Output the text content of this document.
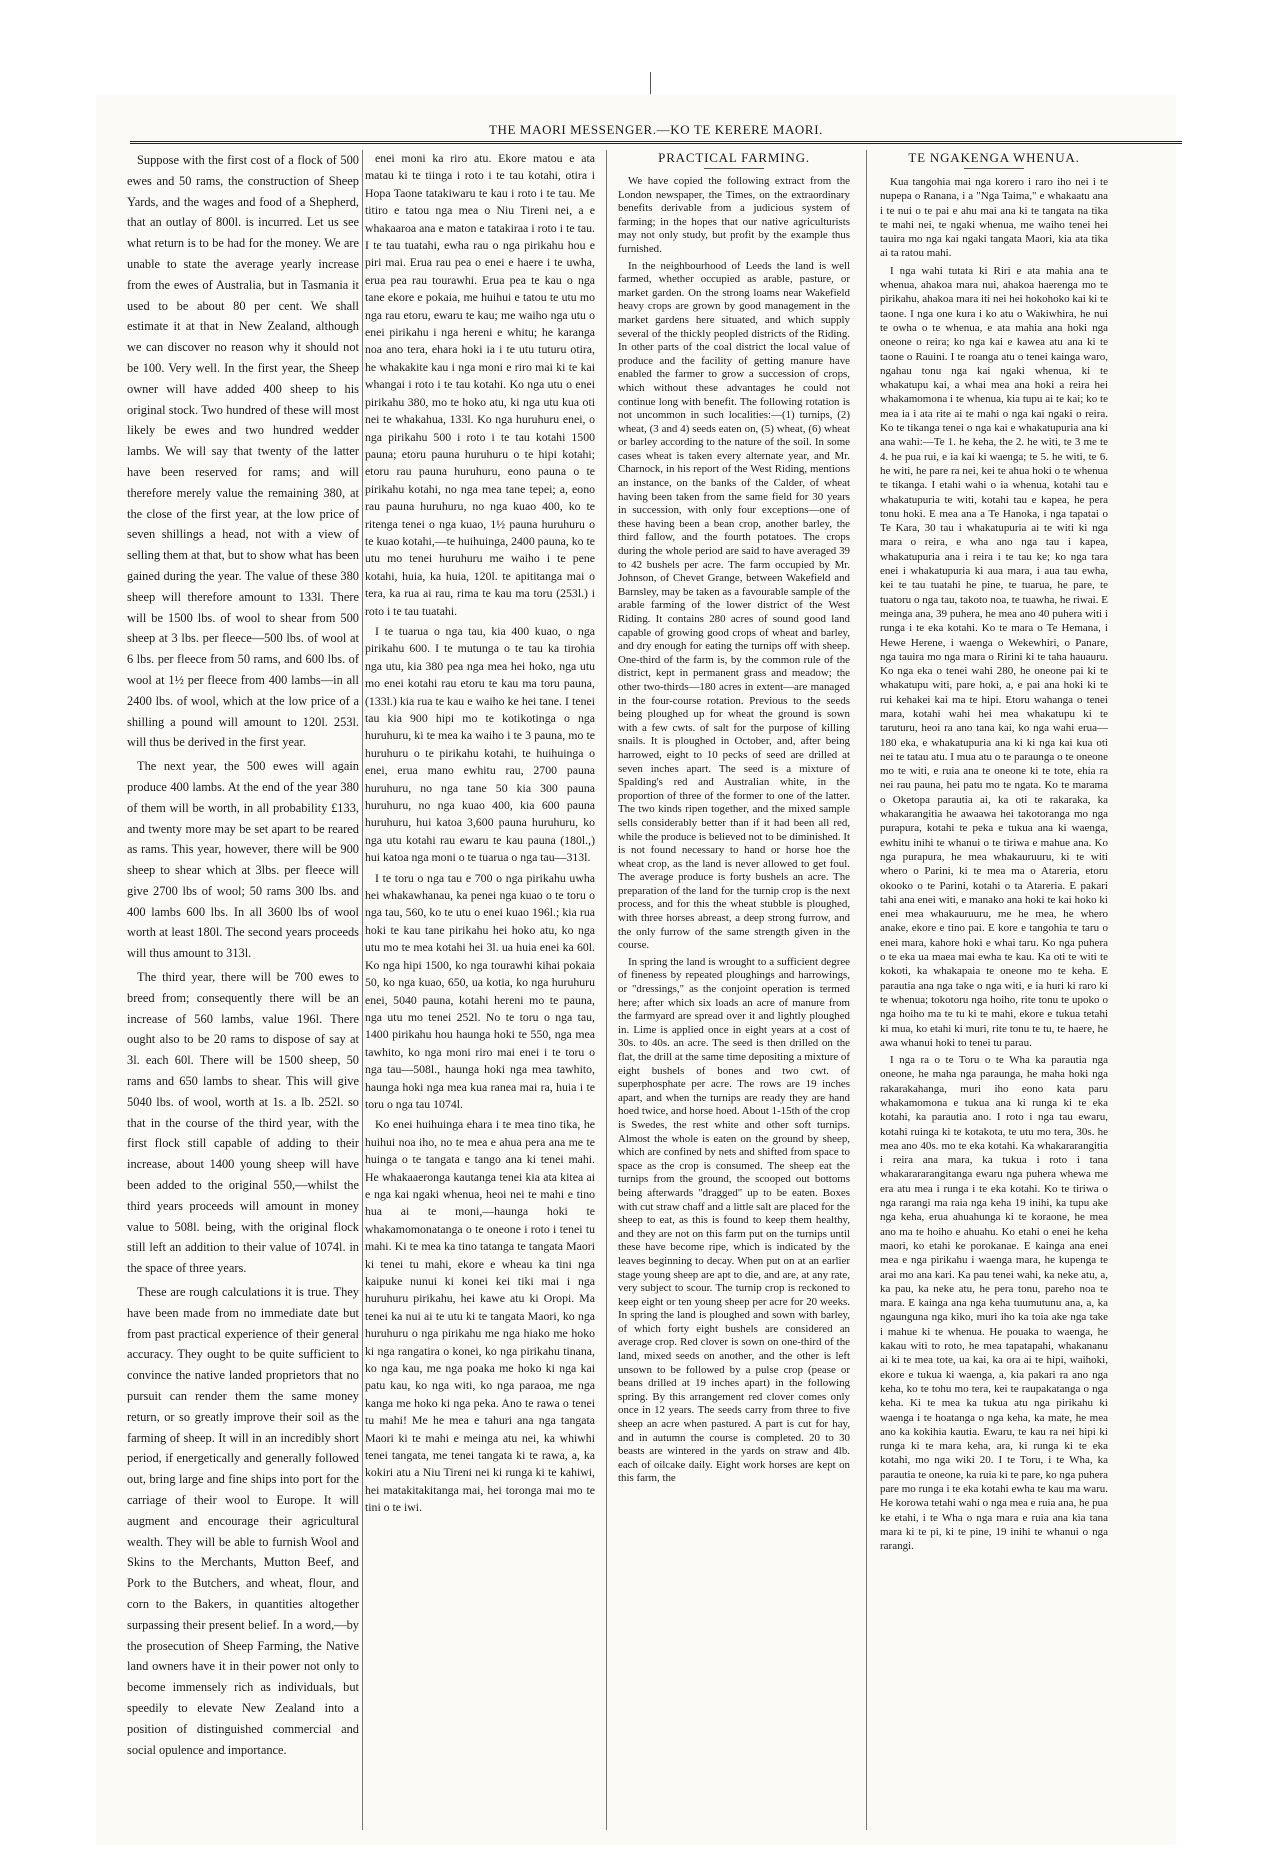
THE MAORI MESSENGER.—KO TE KERERE MAORI.

Suppose with the first cost of a flock of 500 ewes and 50 rams, the construction of Sheep Yards, and the wages and food of a Shepherd, that an outlay of 800l. is incurred. Let us see what return is to be had for the money. We are unable to state the average yearly increase from the ewes of Australia, but in Tasmania it used to be about 80 per cent. We shall estimate it at that in New Zealand, although we can discover no reason why it should not be 100. Very well. In the first year, the Sheep owner will have added 400 sheep to his original stock. Two hundred of these will most likely be ewes and two hundred wedder lambs. We will say that twenty of the latter have been reserved for rams; and will therefore merely value the remaining 380, at the close of the first year, at the low price of seven shillings a head, not with a view of selling them at that, but to show what has been gained during the year. The value of these 380 sheep will therefore amount to 133l. There will be 1500 lbs. of wool to shear from 500 sheep at 3 lbs. per fleece—500 lbs. of wool at 6 lbs. per fleece from 50 rams, and 600 lbs. of wool at 1½ per fleece from 400 lambs—in all 2400 lbs. of wool, which at the low price of a shilling a pound will amount to 120l. 253l. will thus be derived in the first year.

The next year, the 500 ewes will again produce 400 lambs. At the end of the year 380 of them will be worth, in all probability £133, and twenty more may be set apart to be reared as rams. This year, however, there will be 900 sheep to shear which at 3lbs. per fleece will give 2700 lbs of wool; 50 rams 300 lbs. and 400 lambs 600 lbs. In all 3600 lbs of wool worth at least 180l. The second years proceeds will thus amount to 313l.

The third year, there will be 700 ewes to breed from; consequently there will be an increase of 560 lambs, value 196l. There ought also to be 20 rams to dispose of say at 3l. each 60l. There will be 1500 sheep, 50 rams and 650 lambs to shear. This will give 5040 lbs. of wool, worth at 1s. a lb. 252l. so that in the course of the third year, with the first flock still capable of adding to their increase, about 1400 young sheep will have been added to the original 550,—whilst the third years proceeds will amount in money value to 508l. being, with the original flock still left an addition to their value of 1074l. in the space of three years.

These are rough calculations it is true. They have been made from no immediate date but from past practical experience of their general accuracy. They ought to be quite sufficient to convince the native landed proprietors that no pursuit can render them the same money return, or so greatly improve their soil as the farming of sheep. It will in an incredibly short period, if energetically and generally followed out, bring large and fine ships into port for the carriage of their wool to Europe. It will augment and encourage their agricultural wealth. They will be able to furnish Wool and Skins to the Merchants, Mutton Beef, and Pork to the Butchers, and wheat, flour, and corn to the Bakers, in quantities altogether surpassing their present belief. In a word,—by the prosecution of Sheep Farming, the Native land owners have it in their power not only to become immensely rich as individuals, but speedily to elevate New Zealand into a position of distinguished commercial and social opulence and importance.

enei moni ka riro atu. Ekore matou e ata matau ki te tiinga i roto i te tau kotahi, otira i Hopa Taone tatakiwaru te kau i roto i te tau. Me titiro e tatou nga mea o Niu Tireni nei, a e whakaaroa ana e maton e tatakiraa i roto i te tau. I te tau tuatahi, ewha rau o nga pirikahu hou e piri mai. Erua rau pea o enei e haere i te uwha, erua pea rau tourawhi. Erua pea te kau o nga tane ekore e pokaia, me huihui e tatou te utu mo nga rau etoru, ewaru te kau; me waiho nga utu o enei pirikahu i nga hereni e whitu; he karanga noa ano tera, ehara hoki ia i te utu tuturu otira, he whakakite kau i nga moni e riro mai ki te kai whangai i roto i te tau kotahi. Ko nga utu o enei pirikahu 380, mo te hoko atu, ki nga utu kua oti nei te whakahua, 133l. Ko nga huruhuru enei, o nga pirikahu 500 i roto i te tau kotahi 1500 pauna; etoru pauna huruhuru o te hipi kotahi; etoru rau pauna huruhuru, eono pauna o te pirikahu kotahi, no nga mea tane tepei; a, eono rau pauna huruhuru, no nga kuao 400, ko te ritenga tenei o nga kuao, 1½ pauna huruhuru o te kuao kotahi,—te huihuinga, 2400 pauna, ko te utu mo tenei huruhuru me waiho i te pene kotahi, huia, ka huia, 120l. te apititanga mai o tera, ka rua ai rau, rima te kau ma toru (253l.) i roto i te tau tuatahi.

I te tuarua o nga tau, kia 400 kuao, o nga pirikahu 600. I te mutunga o te tau ka tirohia nga utu, kia 380 pea nga mea hei hoko, nga utu mo enei kotahi rau etoru te kau ma toru pauna, (133l.) kia rua te kau e waiho ke hei tane. I tenei tau kia 900 hipi mo te kotikotinga o nga huruhuru, ki te mea ka waiho i te 3 pauna, mo te huruhuru o te pirikahu kotahi, te huihuinga o enei, erua mano ewhitu rau, 2700 pauna huruhuru, no nga tane 50 kia 300 pauna huruhuru, no nga kuao 400, kia 600 pauna huruhuru, hui katoa 3,600 pauna huruhuru, ko nga utu kotahi rau ewaru te kau pauna (180l.,) hui katoa nga moni o te tuarua o nga tau—313l.

I te toru o nga tau e 700 o nga pirikahu uwha hei whakawhanau, ka penei nga kuao o te toru o nga tau, 560, ko te utu o enei kuao 196l.; kia rua hoki te kau tane pirikahu hei hoko atu, ko nga utu mo te mea kotahi hei 3l. ua huia enei ka 60l. Ko nga hipi 1500, ko nga tourawhi kihai pokaia 50, ko nga kuao, 650, ua kotia, ko nga huruhuru enei, 5040 pauna, kotahi hereni mo te pauna, nga utu mo tenei 252l. No te toru o nga tau, 1400 pirikahu hou haunga hoki te 550, nga mea tawhito, ko nga moni riro mai enei i te toru o nga tau—508l., haunga hoki nga mea tawhito, haunga hoki nga mea kua ranea mai ra, huia i te toru o nga tau 1074l.

Ko enei huihuinga ehara i te mea tino tika, he huihui noa iho, no te mea e ahua pera ana me te huinga o te tangata e tango ana ki tenei mahi. He whakaaeronga kautanga tenei kia ata kitea ai e nga kai ngaki whenua, heoi nei te mahi e tino hua ai te moni,—haunga hoki te whakamomonatanga o te oneone i roto i tenei tu mahi. Ki te mea ka tino tatanga te tangata Maori ki tenei tu mahi, ekore e wheau ka tini nga kaipuke nunui ki konei kei tiki mai i nga huruhuru pirikahu, hei kawe atu ki Oropi. Ma tenei ka nui ai te utu ki te tangata Maori, ko nga huruhuru o nga pirikahu me nga hiako me hoko ki nga rangatira o konei, ko nga pirikahu tinana, ko nga kau, me nga poaka me hoko ki nga kai patu kau, ko nga witi, ko nga paraoa, me nga kanga me hoko ki nga peka. Ano te rawa o tenei tu mahi! Me he mea e tahuri ana nga tangata Maori ki te mahi e meinga atu nei, ka whiwhi tenei tangata, me tenei tangata ki te rawa, a, ka kokiri atu a Niu Tireni nei ki runga ki te kahiwi, hei matakitakitanga mai, hei toronga mai mo te tini o te iwi.

PRACTICAL FARMING.

We have copied the following extract from the London newspaper, the Times, on the extraordinary benefits derivable from a judicious system of farming; in the hopes that our native agriculturists may not only study, but profit by the example thus furnished.

In the neighbourhood of Leeds the land is well farmed, whether occupied as arable, pasture, or market garden. On the strong loams near Wakefield heavy crops are grown by good management in the market gardens here situated, and which supply several of the thickly peopled districts of the Riding. In other parts of the coal district the local value of produce and the facility of getting manure have enabled the farmer to grow a succession of crops, which without these advantages he could not continue long with benefit. The following rotation is not uncommon in such localities:—(1) turnips, (2) wheat, (3 and 4) seeds eaten on, (5) wheat, (6) wheat or barley according to the nature of the soil. In some cases wheat is taken every alternate year, and Mr. Charnock, in his report of the West Riding, mentions an instance, on the banks of the Calder, of wheat having been taken from the same field for 30 years in succession, with only four exceptions—one of these having been a bean crop, another barley, the third fallow, and the fourth potatoes. The crops during the whole period are said to have averaged 39 to 42 bushels per acre. The farm occupied by Mr. Johnson, of Chevet Grange, between Wakefield and Barnsley, may be taken as a favourable sample of the arable farming of the lower district of the West Riding. It contains 280 acres of sound good land capable of growing good crops of wheat and barley, and dry enough for eating the turnips off with sheep. One-third of the farm is, by the common rule of the district, kept in permanent grass and meadow; the other two-thirds—180 acres in extent—are managed in the four-course rotation. Previous to the seeds being ploughed up for wheat the ground is sown with a few cwts. of salt for the purpose of killing snails. It is ploughed in October, and, after being harrowed, eight to 10 pecks of seed are drilled at seven inches apart. The seed is a mixture of Spalding's red and Australian white, in the proportion of three of the former to one of the latter. The two kinds ripen together, and the mixed sample sells considerably better than if it had been all red, while the produce is believed not to be diminished. It is not found necessary to hand or horse hoe the wheat crop, as the land is never allowed to get foul. The average produce is forty bushels an acre. The preparation of the land for the turnip crop is the next process, and for this the wheat stubble is ploughed, with three horses abreast, a deep strong furrow, and the only furrow of the same strength given in the course.

In spring the land is wrought to a sufficient degree of fineness by repeated ploughings and harrowings, or "dressings," as the conjoint operation is termed here; after which six loads an acre of manure from the farmyard are spread over it and lightly ploughed in. Lime is applied once in eight years at a cost of 30s. to 40s. an acre. The seed is then drilled on the flat, the drill at the same time depositing a mixture of eight bushels of bones and two cwt. of superphosphate per acre. The rows are 19 inches apart, and when the turnips are ready they are hand hoed twice, and horse hoed. About 1-15th of the crop is Swedes, the rest white and other soft turnips. Almost the whole is eaten on the ground by sheep, which are confined by nets and shifted from space to space as the crop is consumed. The sheep eat the turnips from the ground, the scooped out bottoms being afterwards "dragged" up to be eaten. Boxes with cut straw chaff and a little salt are placed for the sheep to eat, as this is found to keep them healthy, and they are not on this farm put on the turnips until these have become ripe, which is indicated by the leaves beginning to decay. When put on at an earlier stage young sheep are apt to die, and are, at any rate, very subject to scour. The turnip crop is reckoned to keep eight or ten young sheep per acre for 20 weeks. In spring the land is ploughed and sown with barley, of which forty eight bushels are considered an average crop. Red clover is sown on one-third of the land, mixed seeds on another, and the other is left unsown to be followed by a pulse crop (pease or beans drilled at 19 inches apart) in the following spring. By this arrangement red clover comes only once in 12 years. The seeds carry from three to five sheep an acre when pastured. A part is cut for hay, and in autumn the course is completed. 20 to 30 beasts are wintered in the yards on straw and 4lb. each of oilcake daily. Eight work horses are kept on this farm, the

TE NGAKENGA WHENUA.

Kua tangohia mai nga korero i raro iho nei i te nupepa o Ranana, i a "Nga Taima," e whakaatu ana i te nui o te pai e ahu mai ana ki te tangata na tika te mahi nei, te ngaki whenua, me waiho tenei hei tauira mo nga kai ngaki tangata Maori, kia ata tika ai ta ratou mahi.

I nga wahi tutata ki Riri e ata mahia ana te whenua, ahakoa mara nui, ahakoa haerenga mo te pirikahu, ahakoa mara iti nei hei hokohoko kai ki te taone. I nga one kura i ko atu o Wakiwhira, he nui te owha o te whenua, e ata mahia ana hoki nga oneone o reira; ko nga kai e kawea atu ana ki te taone o Rauini. I te roanga atu o tenei kainga waro, ngahau tonu nga kai ngaki whenua, ki te whakatupu kai, a whai mea ana hoki a reira hei whakamomona i te whenua, kia tupu ai te kai; ko te mea ia i ata rite ai te mahi o nga kai ngaki o reira. Ko te tikanga tenei o nga kai e whakatupuria ana ki ana wahi:—Te 1. he keha, the 2. he witi, te 3 me te 4. he pua rui, e ia kai ki waenga; te 5. he witi, te 6. he witi, he pare ra nei, kei te ahua hoki o te whenua te tikanga. I etahi wahi o ia whenua, kotahi tau e whakatupuria te witi, kotahi tau e kapea, he pera tonu hoki. E mea ana a Te Hanoka, i nga tapatai o Te Kara, 30 tau i whakatupuria ai te witi ki nga mara o reira, e wha ano nga tau i kapea, whakatupuria ana i reira i te tau ke; ko nga tara enei i whakatupuria ki aua mara, i aua tau ewha, kei te tau tuatahi he pine, te tuarua, he pare, te tuatoru o nga tau, takoto noa, te tuawha, he riwai. E meinga ana, 39 puhera, he mea ano 40 puhera witi i runga i te eka kotahi. Ko te mara o Te Hemana, i Hewe Herene, i waenga o Wekewhiri, o Panare, nga tauira mo nga mara o Ririni ki te taha hauauru. Ko nga eka o tenei wahi 280, he oneone pai ki te whakatupu witi, pare hoki, a, e pai ana hoki ki te rui kehakei kai ma te hipi. Etoru wahanga o tenei mara, kotahi wahi hei mea whakatupu ki te taruturu, heoi ra ano tana kai, ko nga wahi erua—180 eka, e whakatupuria ana ki ki nga kai kua oti nei te tatau atu. I mua atu o te paraunga o te oneone mo te witi, e ruia ana te oneone ki te tote, ehia ra nei rau pauna, hei patu mo te ngata. Ko te marama o Oketopa parautia ai, ka oti te rakaraka, ka whakarangitia he awaawa hei takotoranga mo nga purapura, kotahi te peka e tukua ana ki waenga, ewhitu inihi te whanui o te tiriwa e mahue ana. Ko nga purapura, he mea whakauruuru, ki te witi whero o Parini, ki te mea ma o Atareria, etoru okooko o te Parini, kotahi o ta Atareria. E pakari tahi ana enei witi, e manako ana hoki te kai hoko ki enei mea whakauruuru, me he mea, he whero anake, ekore e tino pai. E kore e tangohia te taru o enei mara, kahore hoki e whai taru. Ko nga puhera o te eka ua maea mai ewha te kau. Ka oti te witi te kokoti, ka whakapaia te oneone mo te keha. E parautia ana nga take o nga witi, e ia huri ki raro ki te whenua; tokotoru nga hoiho, rite tonu te upoko o nga hoiho ma te tu ki te mahi, ekore e tukua tetahi ki mua, ko etahi ki muri, rite tonu te tu, te haere, he awa whanui hoki to tenei tu parau.

I nga ra o te Toru o te Wha ka parautia nga oneone, he maha nga paraunga, he maha hoki nga rakarakahanga, muri iho eono kata paru whakamomona e tukua ana ki runga ki te eka kotahi, ka parautia ano. I roto i nga tau ewaru, kotahi ruinga ki te kotakota, te utu mo tera, 30s. he mea ano 40s. mo te eka kotahi. Ka whakararangitia i reira ana mara, ka tukua i roto i tana whakarararangitanga ewaru nga puhera whewa me era atu mea i runga i te eka kotahi. Ko te tiriwa o nga rarangi ma raia nga keha 19 inihi, ka tupu ake nga keha, erua ahuahunga ki te koraone, he mea ano ma te hoiho e ahuahu. Ko etahi o enei he keha maori, ko etahi ke porokanae. E kainga ana enei mea e nga pirikahu i waenga mara, he kupenga te arai mo ana kari. Ka pau tenei wahi, ka neke atu, a, ka pau, ka neke atu, he pera tonu, pareho noa te mara. E kainga ana nga keha tuumutunu ana, a, ka ngaunguna nga kiko, muri iho ka toia ake nga take i mahue ki te whenua. He pouaka to waenga, he kakau witi to roto, he mea tapatapahi, whakananu ai ki te mea tote, ua kai, ka ora ai te hipi, waihoki, ekore e tukua ki waenga, a, kia pakari ra ano nga keha, ko te tohu mo tera, kei te raupakatanga o nga keha. Ki te mea ka tukua atu nga pirikahu ki waenga i te hoatanga o nga keha, ka mate, he mea ano ka kokihia kautia. Ewaru, te kau ra nei hipi ki runga ki te mara keha, ara, ki runga ki te eka kotahi, mo nga wiki 20. I te Toru, i te Wha, ka parautia te oneone, ka ruia ki te pare, ko nga puhera pare mo runga i te eka kotahi ewha te kau ma waru. He korowa tetahi wahi o nga mea e ruia ana, he pua ke etahi, i te Wha o nga mara e ruia ana kia tana mara ki te pi, ki te pine, 19 inihi te whanui o nga rarangi.
